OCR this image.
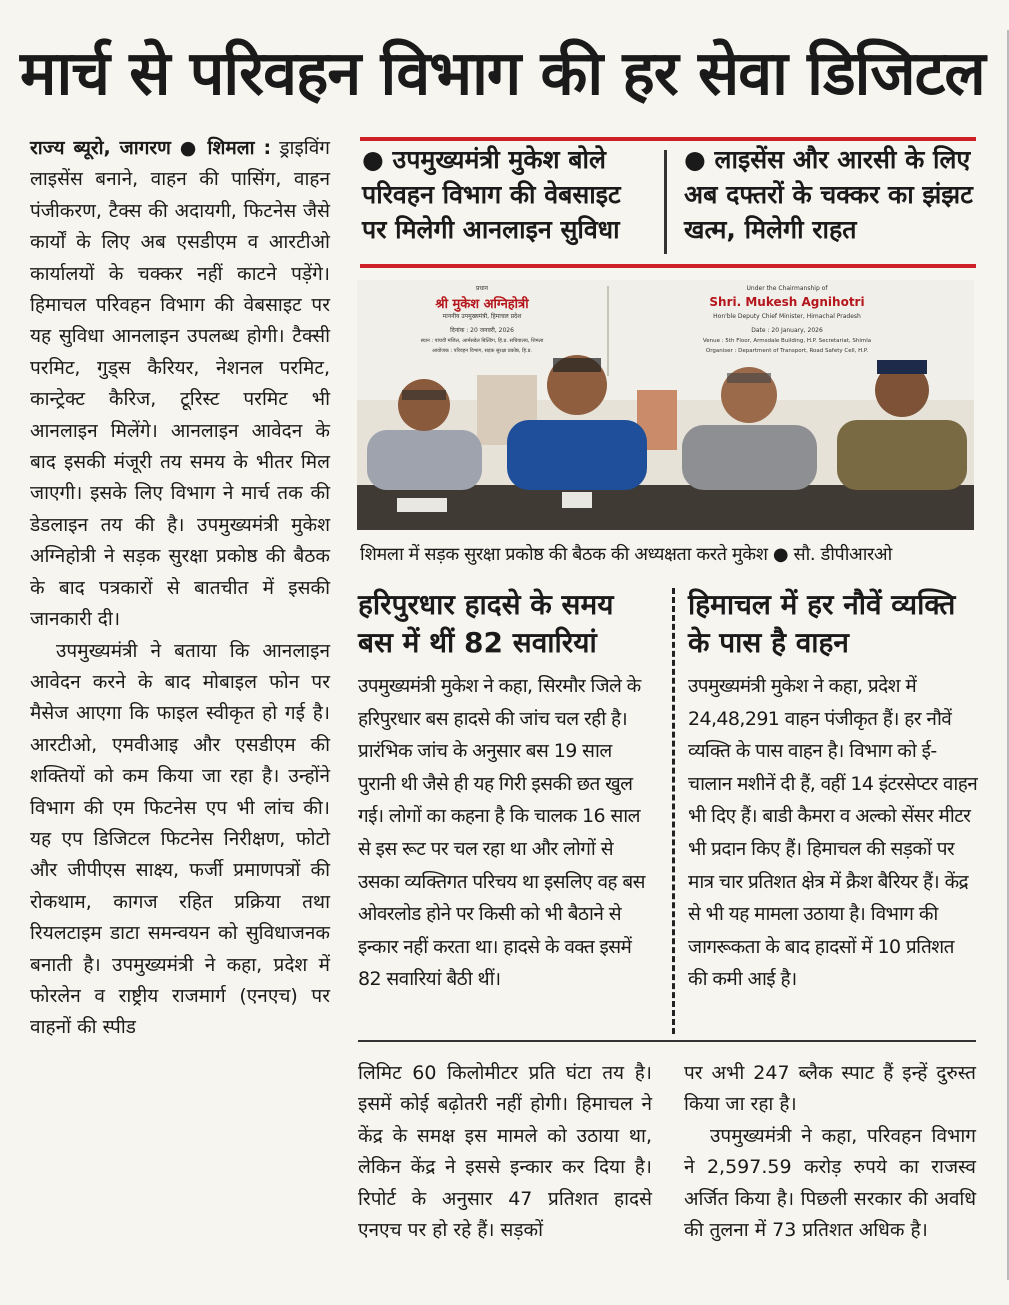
मार्च से परिवहन विभाग की हर सेवा डिजिटल

राज्य ब्यूरो, जागरण ● शिमला : ड्राइविंग लाइसेंस बनाने, वाहन की पासिंग, वाहन पंजीकरण, टैक्स की अदायगी, फिटनेस जैसे कार्यों के लिए अब एसडीएम व आरटीओ कार्यालयों के चक्कर नहीं काटने पड़ेंगे। हिमाचल परिवहन विभाग की वेबसाइट पर यह सुविधा आनलाइन उपलब्ध होगी। टैक्सी परमिट, गुड्स कैरियर, नेशनल परमिट, कान्ट्रेक्ट कैरिज, टूरिस्ट परमिट भी आनलाइन मिलेंगे। आनलाइन आवेदन के बाद इसकी मंजूरी तय समय के भीतर मिल जाएगी। इसके लिए विभाग ने मार्च तक की डेडलाइन तय की है। उपमुख्यमंत्री मुकेश अग्निहोत्री ने सड़क सुरक्षा प्रकोष्ठ की बैठक के बाद पत्रकारों से बातचीत में इसकी जानकारी दी।

उपमुख्यमंत्री ने बताया कि आनलाइन आवेदन करने के बाद मोबाइल फोन पर मैसेज आएगा कि फाइल स्वीकृत हो गई है। आरटीओ, एमवीआइ और एसडीएम की शक्तियों को कम किया जा रहा है। उन्होंने विभाग की एम फिटनेस एप भी लांच की। यह एप डिजिटल फिटनेस निरीक्षण, फोटो और जीपीएस साक्ष्य, फर्जी प्रमाणपत्रों की रोकथाम, कागज रहित प्रक्रिया तथा रियलटाइम डाटा समन्वयन को सुविधाजनक बनाती है। उपमुख्यमंत्री ने कहा, प्रदेश में फोरलेन व राष्ट्रीय राजमार्ग (एनएच) पर वाहनों की स्पीड

● उपमुख्यमंत्री मुकेश बोले परिवहन विभाग की वेबसाइट पर मिलेगी आनलाइन सुविधा
● लाइसेंस और आरसी के लिए अब दफ्तरों के चक्कर का झंझट खत्म, मिलेगी राहत
प्रधान
श्री मुकेश अग्निहोत्री
माननीय उपमुख्यमंत्री, हिमाचल प्रदेश
दिनांक : 20 जनवरी, 2026
स्थान : पांचवीं मंजिल, आर्मसडेल बिल्डिंग, हि.प्र. सचिवालय, शिमला
आयोजक : परिवहन विभाग, सड़क सुरक्षा प्रकोष्ठ, हि.प्र.
Under the Chairmanship of
Shri. Mukesh Agnihotri
Hon'ble Deputy Chief Minister, Himachal Pradesh
Date : 20 January, 2026
Venue : 5th Floor, Armsdale Building, H.P. Secretariat, Shimla
Organiser : Department of Transport, Road Safety Cell, H.P.
शिमला में सड़क सुरक्षा प्रकोष्ठ की बैठक की अध्यक्षता करते मुकेश ● सौ. डीपीआरओ
हरिपुरधार हादसे के समय बस में थीं 82 सवारियां
उपमुख्यमंत्री मुकेश ने कहा, सिरमौर जिले के हरिपुरधार बस हादसे की जांच चल रही है। प्रारंभिक जांच के अनुसार बस 19 साल पुरानी थी जैसे ही यह गिरी इसकी छत खुल गई। लोगों का कहना है कि चालक 16 साल से इस रूट पर चल रहा था और लोगों से उसका व्यक्तिगत परिचय था इसलिए वह बस ओवरलोड होने पर किसी को भी बैठाने से इन्कार नहीं करता था। हादसे के वक्त इसमें 82 सवारियां बैठी थीं।
हिमाचल में हर नौवें व्यक्ति के पास है वाहन
उपमुख्यमंत्री मुकेश ने कहा, प्रदेश में 24,48,291 वाहन पंजीकृत हैं। हर नौवें व्यक्ति के पास वाहन है। विभाग को ई-चालान मशीनें दी हैं, वहीं 14 इंटरसेप्टर वाहन भी दिए हैं। बाडी कैमरा व अल्को सेंसर मीटर भी प्रदान किए हैं। हिमाचल की सड़कों पर मात्र चार प्रतिशत क्षेत्र में क्रैश बैरियर हैं। केंद्र से भी यह मामला उठाया है। विभाग की जागरूकता के बाद हादसों में 10 प्रतिशत की कमी आई है।

लिमिट 60 किलोमीटर प्रति घंटा तय है। इसमें कोई बढ़ोतरी नहीं होगी। हिमाचल ने केंद्र के समक्ष इस मामले को उठाया था, लेकिन केंद्र ने इससे इन्कार कर दिया है। रिपोर्ट के अनुसार 47 प्रतिशत हादसे एनएच पर हो रहे हैं। सड़कों

पर अभी 247 ब्लैक स्पाट हैं इन्हें दुरुस्त किया जा रहा है।

उपमुख्यमंत्री ने कहा, परिवहन विभाग ने 2,597.59 करोड़ रुपये का राजस्व अर्जित किया है। पिछली सरकार की अवधि की तुलना में 73 प्रतिशत अधिक है।
